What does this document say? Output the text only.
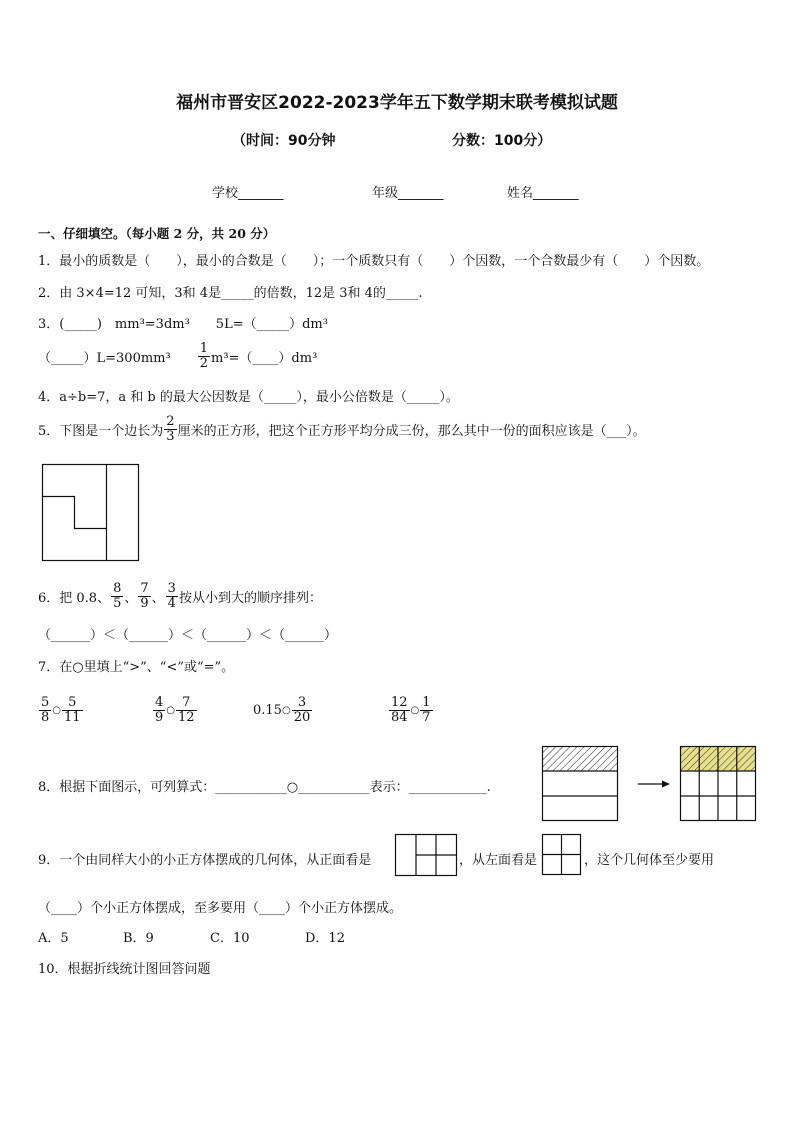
福州市晋安区2022-2023学年五下数学期末联考模拟试题
（时间：90分钟	分数：100分）
学校_______	年级_______	姓名_______
一、仔细填空。（每小题 2 分，共 20 分）
1．最小的质数是（　　），最小的合数是（　　）；一个质数只有（　　）个因数，一个合数最少有（　　）个因数。
2．由 3×4=12 可知，3和 4是_____的倍数，12是 3和 4的_____.
3．(_____)　mm³=3dm³　　5L=（_____）dm³
（_____）L=300mm³ $\frac{1}{2}$ m³=（____）dm³
4．a÷b=7，a 和 b 的最大公因数是（_____），最小公倍数是（_____）。
5．下图是一个边长为 $\frac{2}{3}$ 厘米的正方形，把这个正方形平均分成三份，那么其中一份的面积应该是（___）。
6．把 0.8、 $\frac{8}{5}$ 、 $\frac{7}{9}$ 、 $\frac{3}{4}$ 按从小到大的顺序排列：
（______）＜（______）＜（______）＜（______）
7．在○里填上“>”、“<”或“=”。
$\frac{5}{8}$ ○ $\frac{5}{11}$	$\frac{4}{9}$ ○ $\frac{7}{12}$	0.15 ○ $\frac{3}{20}$	$\frac{12}{84}$ ○ $\frac{1}{7}$
8．根据下面图示，可列算式：___________○___________表示：____________.
9．一个由同样大小的小正方体摆成的几何体，从正面看是	，从左面看是	，这个几何体至少要用
（____）个小正方体摆成，至多要用（____）个小正方体摆成。
A．5	B．9	C．10	D．12
10．根据折线统计图回答问题
